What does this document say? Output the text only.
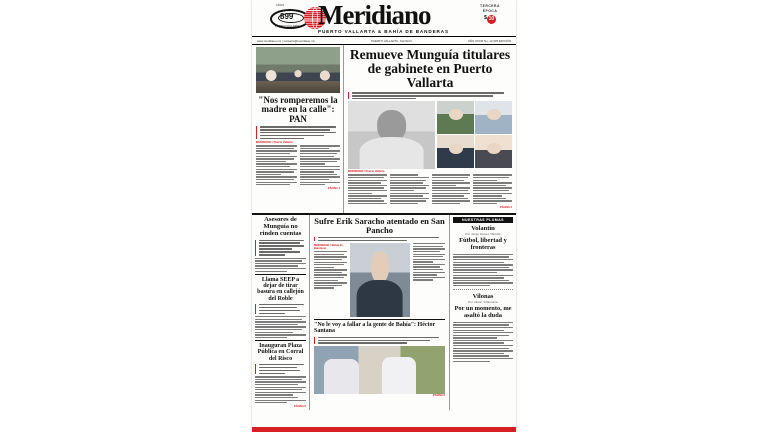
AÑOS
899
PUERTO VALLARTA Meridiano
PUERTO VALLARTA & BAHÍA DE BANDERAS
TERCERA
ÉPOCA
$ 10
www.meridiano.mx | contacto@meridiano.mx	PUERTO VALLARTA, JALISCO	AÑO XXXIII No. 12,045 EDICIÓN
"Nos romperemos la madre en la calle": PAN
MERIDIANO / Puerto Vallarta
PÁGINA 4
Remueve Munguía titulares de gabinete en Puerto Vallarta
MERIDIANO / Puerto Vallarta
PÁGINA 3
Asesores de Munguía no rinden cuentas
Llama SEEP a dejar de tirar basura en callejón del Roble
Inauguran Plaza Pública en Corral del Risco
PÁGINA 9
Sufre Erik Saracho atentado en San Pancho
MERIDIANO / Bahía de Banderas
"No le voy a fallar a la gente de Bahía": Héctor Santana
PÁGINA 6
NUESTRAS PLUMAS
Volantín
Por Jorge Gómez Naredo
Fútbol, libertad y fronteras
Vilonas
Por Javier Villanueva
Por un momento, me asaltó la duda
